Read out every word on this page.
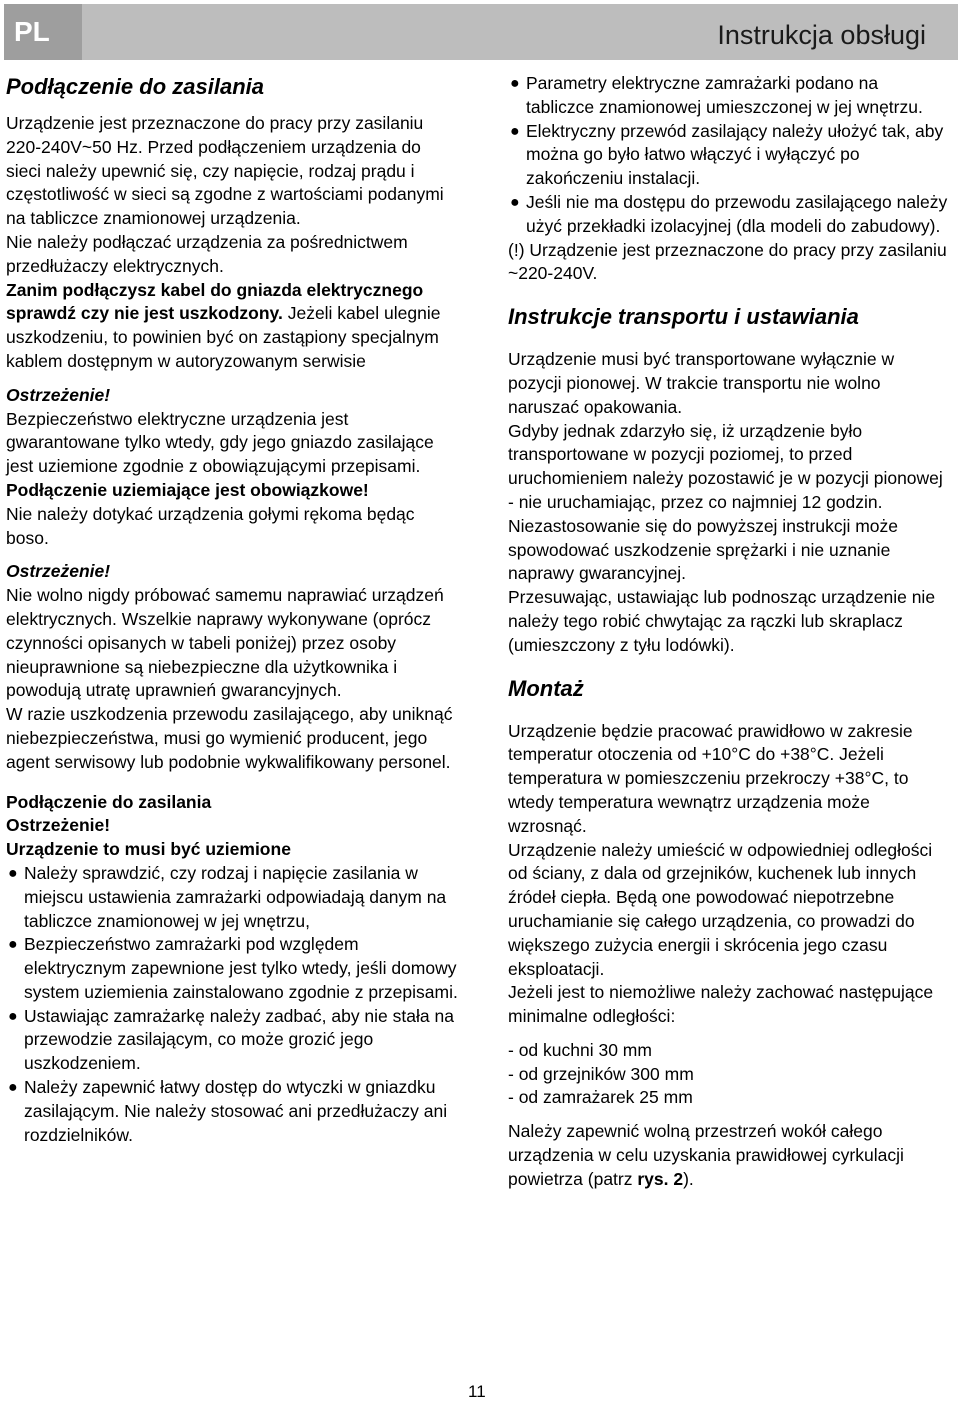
PL	Instrukcja obsługi
Podłączenie do zasilania

Urządzenie jest przeznaczone do pracy przy zasilaniu 220-240V~50 Hz. Przed podłączeniem urządzenia do sieci należy upewnić się, czy napięcie, rodzaj prądu i częstotliwość w sieci są zgodne z wartościami podanymi na tabliczce znamionowej urządzenia.

Nie należy podłączać urządzenia za pośrednictwem przedłużaczy elektrycznych.

Zanim podłączysz kabel do gniazda elektrycznego sprawdź czy nie jest uszkodzony. Jeżeli kabel ulegnie uszkodzeniu, to powinien być on zastąpiony specjalnym kablem dostępnym w autoryzowanym serwisie

Ostrzeżenie!

Bezpieczeństwo elektryczne urządzenia jest gwarantowane tylko wtedy, gdy jego gniazdo zasilające jest uziemione zgodnie z obowiązującymi przepisami.

Podłączenie uziemiające jest obowiązkowe!

Nie należy dotykać urządzenia gołymi rękoma będąc boso.

Ostrzeżenie!

Nie wolno nigdy próbować samemu naprawiać urządzeń elektrycznych. Wszelkie naprawy wykonywane (oprócz czynności opisanych w tabeli poniżej) przez osoby nieuprawnione są niebezpieczne dla użytkownika i powodują utratę uprawnień gwarancyjnych.

W razie uszkodzenia przewodu zasilającego, aby uniknąć niebezpieczeństwa, musi go wymienić producent, jego agent serwisowy lub podobnie wykwalifikowany personel.

Podłączenie do zasilania

Ostrzeżenie!

Urządzenie to musi być uziemione

● Należy sprawdzić, czy rodzaj i napięcie zasilania w miejscu ustawienia zamrażarki odpowiadają danym na tabliczce znamionowej w jej wnętrzu,
● Bezpieczeństwo zamrażarki pod względem elektrycznym zapewnione jest tylko wtedy, jeśli domowy system uziemienia zainstalowano zgodnie z przepisami.
● Ustawiając zamrażarkę należy zadbać, aby nie stała na przewodzie zasilającym, co może grozić jego uszkodzeniem.
● Należy zapewnić łatwy dostęp do wtyczki w gniazdku zasilającym. Nie należy stosować ani przedłużaczy ani rozdzielników.
● Parametry elektryczne zamrażarki podano na tabliczce znamionowej umieszczonej w jej wnętrzu.
● Elektryczny przewód zasilający należy ułożyć tak, aby można go było łatwo włączyć i wyłączyć po zakończeniu instalacji.
● Jeśli nie ma dostępu do przewodu zasilającego należy użyć przekładki izolacyjnej (dla modeli do zabudowy).

(!) Urządzenie jest przeznaczone do pracy przy zasilaniu ~220-240V.

Instrukcje transportu i ustawiania

Urządzenie musi być transportowane wyłącznie w pozycji pionowej. W trakcie transportu nie wolno naruszać opakowania.

Gdyby jednak zdarzyło się, iż urządzenie było transportowane w pozycji poziomej, to przed uruchomieniem należy pozostawić je w pozycji pionowej - nie uruchamiając, przez co najmniej 12 godzin.

Niezastosowanie się do powyższej instrukcji może spowodować uszkodzenie sprężarki i nie uznanie naprawy gwarancyjnej.

Przesuwając, ustawiając lub podnosząc urządzenie nie należy tego robić chwytając za rączki lub skraplacz (umieszczony z tyłu lodówki).

Montaż

Urządzenie będzie pracować prawidłowo w zakresie temperatur otoczenia od +10°C do +38°C. Jeżeli temperatura w pomieszczeniu przekroczy +38°C, to wtedy temperatura wewnątrz urządzenia może wzrosnąć.

Urządzenie należy umieścić w odpowiedniej odległości od ściany, z dala od grzejników, kuchenek lub innych źródeł ciepła. Będą one powodować niepotrzebne uruchamianie się całego urządzenia, co prowadzi do większego zużycia energii i skrócenia jego czasu eksploatacji.

Jeżeli jest to niemożliwe należy zachować następujące minimalne odległości:

- od kuchni 30 mm

- od grzejników 300 mm

- od zamrażarek 25 mm

Należy zapewnić wolną przestrzeń wokół całego urządzenia w celu uzyskania prawidłowej cyrkulacji powietrza (patrz rys. 2).

11
